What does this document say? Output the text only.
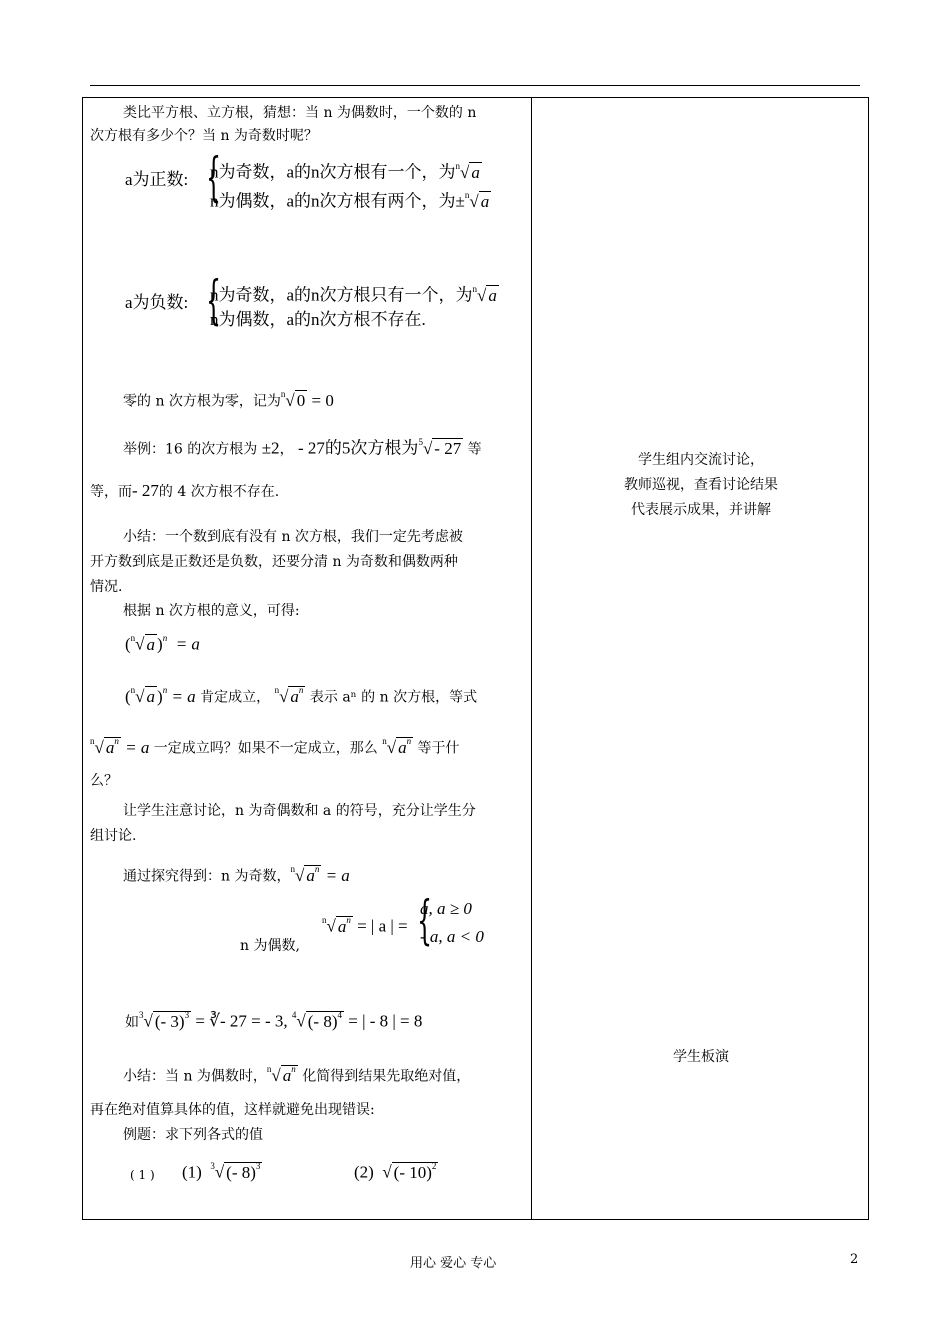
类比平方根、立方根，猜想：当 n 为偶数时，一个数的 n
次方根有多少个？当 n 为奇数时呢？
a为正数: {
n为奇数，a的n次方根有一个，为$^n$√ a
n为偶数，a的n次方根有两个，为±$^n$√ a
a为负数: {
n为奇数，a的n次方根只有一个，为$^n$√ a
n为偶数，a的n次方根不存在.
零的 n 次方根为零，记为$^n$√ 0 = 0
举例：16 的次方根为 ±2， - 27的5次方根为$^5$√ - 27 等
等，而- 27的 4 次方根不存在.
小结：一个数到底有没有 n 次方根，我们一定先考虑被
开方数到底是正数还是负数，还要分清 n 为奇数和偶数两种
情况.
根据 n 次方根的意义，可得:
($^n$√ a )$^n$ = a
($^n$√ a )$^n$ = a 肯定成立， $^n$√ $a^n$ 表示 aⁿ 的 n 次方根，等式
$^n$√ $a^n = a$ 一定成立吗？如果不一定成立，那么 $^n$√ $a^n$ 等于什
么？
让学生注意讨论，n 为奇偶数和 a 的符号，充分让学生分
组讨论.
通过探究得到：n 为奇数，$^n$√ $a^n = a$
$^n$√ $a^n$ = | a | = {
a, a ≥ 0
- a, a < 0
n 为偶数,
如$^3$√ (- 3)$^3$ = ∛- 27 = - 3, $^4$√ (- 8)$^4$ = | - 8 | = 8
小结：当 n 为偶数时，$^n$√ $a^n$ 化简得到结果先取绝对值，
再在绝对值算具体的值，这样就避免出现错误:
例题：求下列各式的值
( 1 ) (1) $^3$√ (- 8)$^3$	(2)  √ (- 10)$^2$
学生组内交流讨论，
教师巡视，查看讨论结果
代表展示成果，并讲解
学生板演
用心 爱心 专心	2
